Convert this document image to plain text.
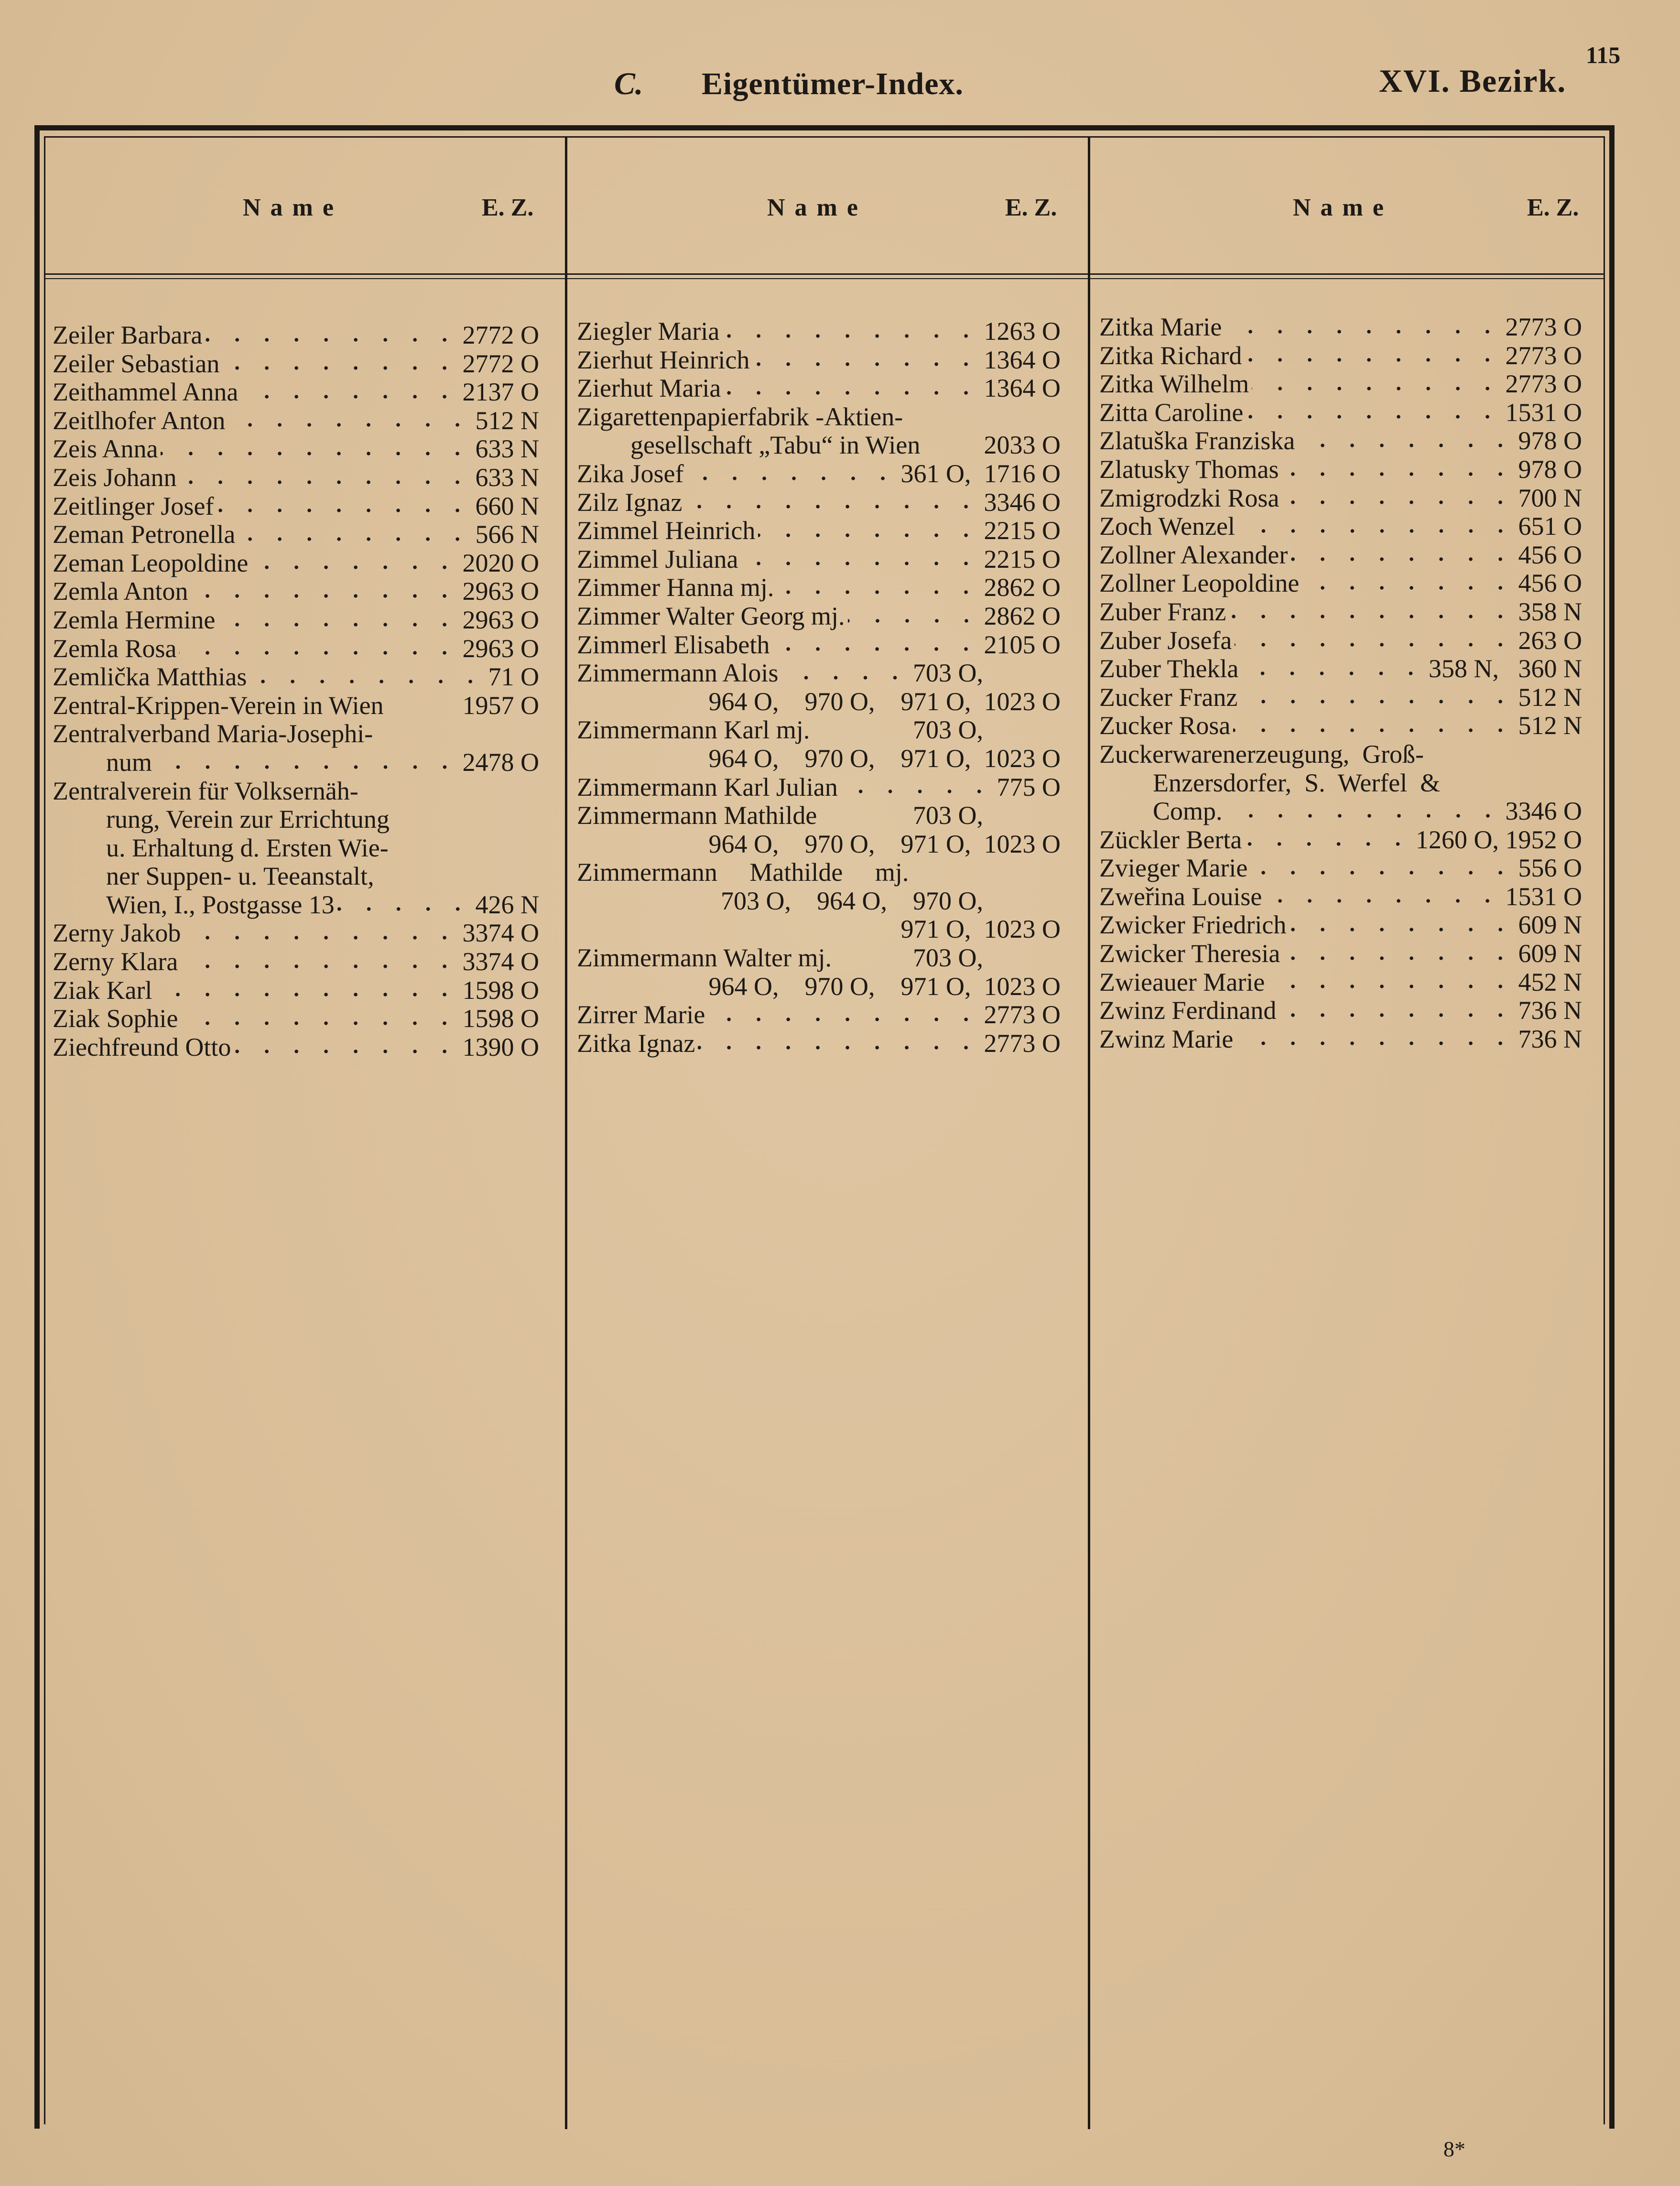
115
C. Eigentümer-Index.	XVI. Bezirk.
Name	E. Z.	Name	E. Z.	Name	E. Z.
Zeiler Barbara	2772 O
Zeiler Sebastian	2772 O
Zeithammel Anna	2137 O
Zeitlhofer Anton	512 N
Zeis Anna	633 N
Zeis Johann	633 N
Zeitlinger Josef	660 N
Zeman Petronella	566 N
Zeman Leopoldine	2020 O
Zemla Anton	2963 O
Zemla Hermine	2963 O
Zemla Rosa	2963 O
Zemlička Matthias	71 O
Zentral-Krippen-Verein in Wien	1957 O
Zentralverband Maria-Josephi-
num	2478 O
Zentralverein für Volksernäh-
rung, Verein zur Errichtung
u. Erhaltung d. Ersten Wie-
ner Suppen- u. Teeanstalt,
Wien, I., Postgasse 13	426 N
Zerny Jakob	3374 O
Zerny Klara	3374 O
Ziak Karl	1598 O
Ziak Sophie	1598 O
Ziechfreund Otto	1390 O
Ziegler Maria	1263 O
Zierhut Heinrich	1364 O
Zierhut Maria	1364 O
Zigarettenpapierfabrik -Aktien-
gesellschaft „Tabu“ in Wien 2033 O
Zika Josef	361 O,  1716 O
Zilz Ignaz	3346 O
Zimmel Heinrich	2215 O
Zimmel Juliana	2215 O
Zimmer Hanna mj.	2862 O
Zimmer Walter Georg mj.	2862 O
Zimmerl Elisabeth	2105 O
Zimmermann Alois	703 O,
964 O,    970 O,    971 O,  1023 O
Zimmermann Karl mj.	703 O,
964 O,    970 O,    971 O,  1023 O
Zimmermann Karl Julian	775 O
Zimmermann Mathilde	703 O,
964 O,    970 O,    971 O,  1023 O
Zimmermann     Mathilde     mj.
703 O,    964 O,    970 O,
971 O,  1023 O
Zimmermann Walter mj.	703 O,
964 O,    970 O,    971 O,  1023 O
Zirrer Marie	2773 O
Zitka Ignaz	2773 O
Zitka Marie	2773 O
Zitka Richard	2773 O
Zitka Wilhelm	2773 O
Zitta Caroline	1531 O
Zlatuška Franziska	978 O
Zlatusky Thomas	978 O
Zmigrodzki Rosa	700 N
Zoch Wenzel	651 O
Zollner Alexander	456 O
Zollner Leopoldine	456 O
Zuber Franz	358 N
Zuber Josefa	263 O
Zuber Thekla	358 N,   360 N
Zucker Franz	512 N
Zucker Rosa	512 N
Zuckerwarenerzeugung,  Groß-
Enzersdorfer,  S.  Werfel  &
Comp.	3346 O
Zückler Berta	1260 O, 1952 O
Zvieger Marie	556 O
Zweřina Louise	1531 O
Zwicker Friedrich	609 N
Zwicker Theresia	609 N
Zwieauer Marie	452 N
Zwinz Ferdinand	736 N
Zwinz Marie	736 N
8*
